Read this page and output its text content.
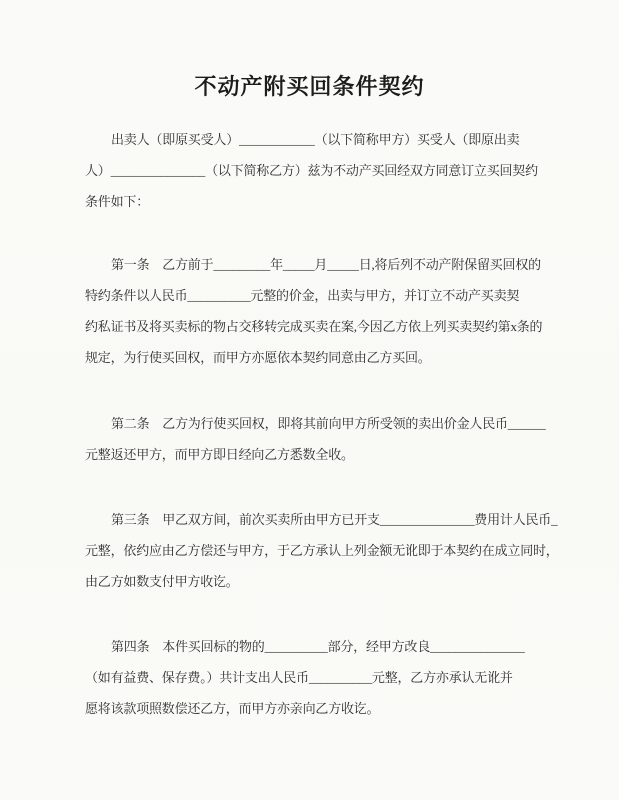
不动产附买回条件契约
出卖人（即原买受人）____________（以下简称甲方）买受人（即原出卖
人）_______________（以下简称乙方）兹为不动产买回经双方同意订立买回契约
条件如下：
第一条　乙方前于_________年_____月_____日,将后列不动产附保留买回权的
特约条件以人民币__________元整的价金，出卖与甲方，并订立不动产买卖契
约私证书及将买卖标的物占交移转完成买卖在案,今因乙方依上列买卖契约第x条的
规定，为行使买回权，而甲方亦愿依本契约同意由乙方买回。
第二条　乙方为行使买回权，即将其前向甲方所受领的卖出价金人民币______
元整返还甲方，而甲方即日经向乙方悉数全收。
第三条　甲乙双方间，前次买卖所由甲方已开支_______________费用计人民币_
元整，依约应由乙方偿还与甲方，于乙方承认上列金额无讹即于本契约在成立同时，
由乙方如数支付甲方收讫。
第四条　本件买回标的物的__________部分，经甲方改良_______________
（如有益费、保存费。）共计支出人民币__________元整，乙方亦承认无讹并
愿将该款项照数偿还乙方，而甲方亦亲向乙方收讫。
